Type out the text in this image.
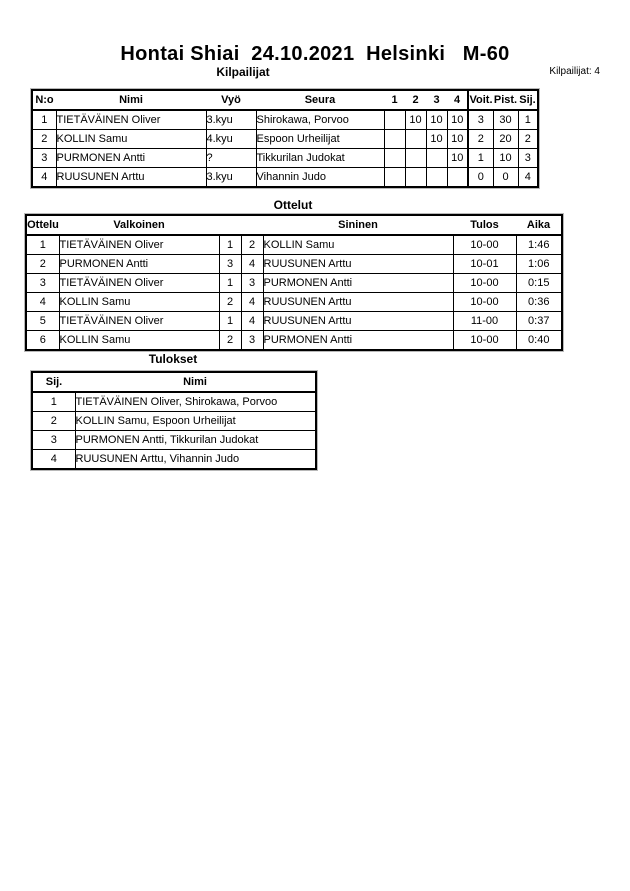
Hontai Shiai  24.10.2021  Helsinki   M-60
Kilpailijat	Kilpailijat: 4
N:o	Nimi	Vyö	Seura	1	2	3	4	Voit.	Pist.	Sij.
1	TIETÄVÄINEN Oliver	3.kyu	Shirokawa, Porvoo		10	10	10	3	30	1
2	KOLLIN Samu	4.kyu	Espoon Urheilijat			10	10	2	20	2
3	PURMONEN Antti	?	Tikkurilan Judokat				10	1	10	3
4	RUUSUNEN Arttu	3.kyu	Vihannin Judo					0	0	4
Ottelut
Ottelu	Valkoinen			Sininen	Tulos	Aika
1	TIETÄVÄINEN Oliver	1	2	KOLLIN Samu	10-00	1:46
2	PURMONEN Antti	3	4	RUUSUNEN Arttu	10-01	1:06
3	TIETÄVÄINEN Oliver	1	3	PURMONEN Antti	10-00	0:15
4	KOLLIN Samu	2	4	RUUSUNEN Arttu	10-00	0:36
5	TIETÄVÄINEN Oliver	1	4	RUUSUNEN Arttu	11-00	0:37
6	KOLLIN Samu	2	3	PURMONEN Antti	10-00	0:40
Tulokset
Sij.	Nimi
1	TIETÄVÄINEN Oliver, Shirokawa, Porvoo
2	KOLLIN Samu, Espoon Urheilijat
3	PURMONEN Antti, Tikkurilan Judokat
4	RUUSUNEN Arttu, Vihannin Judo
